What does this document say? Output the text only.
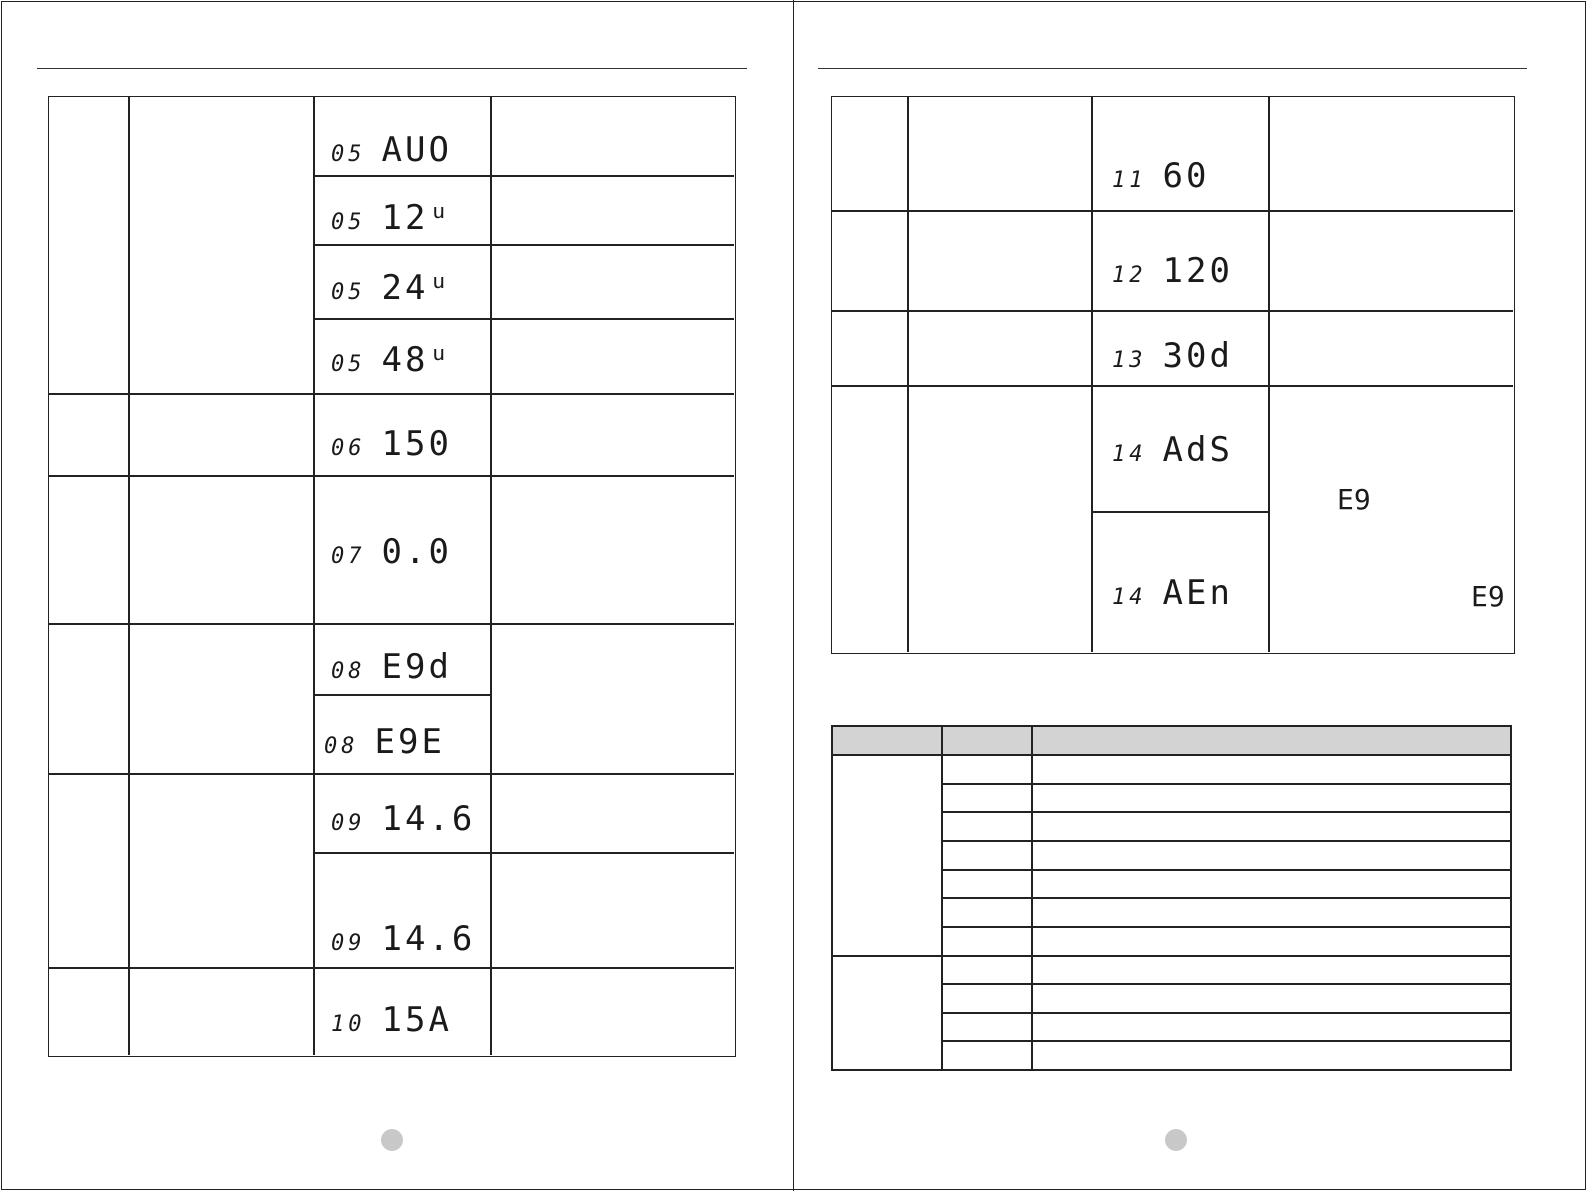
05 AUO
05 12ᵘ
05 24ᵘ
05 48ᵘ
06 150
07 0.0
08 E9d
08 E9E
09 14.6
09 14.6
10 15A
11 60
12 120
13 30d
14 AdS
14 AEn
E9
E9
